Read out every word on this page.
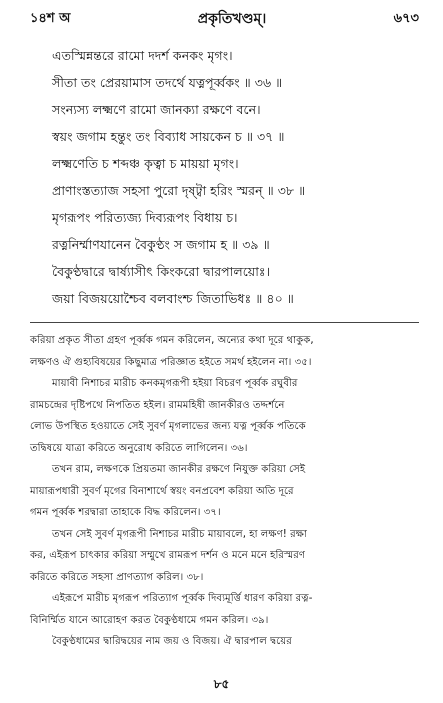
১৪শ অ	প্রকৃতিখণ্ডম্।	৬৭৩
এতস্মিন্নন্তরে রামো দদর্শ কনকং মৃগং।
সীতা তং প্রেরয়ামাস তদর্থে যত্নপূর্ব্বকং ॥ ৩৬ ॥
সংন্যস্য লক্ষ্মণে রামো জানক্যা রক্ষণে বনে।
স্বয়ং জগাম হন্তুং তং বিব্যাধ সায়কেন চ ॥ ৩৭ ॥
লক্ষ্মণেতি চ শব্দঞ্চ কৃত্বা চ মায়য়া মৃগং।
প্রাণাংস্তত্যাজ সহসা পুরো দৃষ্ট্বা হরিং স্মরন্ ॥ ৩৮ ॥
মৃগরূপং পরিত্যজ্য দিব্যরূপং বিধায় চ।
রত্ননির্ম্মাণযানেন বৈকুণ্ঠং স জগাম হ ॥ ৩৯ ॥
বৈকুণ্ঠদ্বারে দ্বার্ষ্যাসীৎ কিংকরো দ্বারপালয়োঃ।
জয়া বিজয়য়োশ্চৈব বলবাংশ্চ জিতাভিধঃ ॥ ৪০ ॥
করিয়া প্রকৃত সীতা গ্রহণ পূর্ব্বক গমন করিলেন, অন্যের কথা দূরে থাকুক,
লক্ষণও ঐ গুহ্যবিষয়ের কিছুমাত্র পরিজ্ঞাত হইতে সমর্থ হইলেন না। ৩৫।
মায়াবী নিশাচর মারীচ কনকমৃগরূপী হইয়া বিচরণ পূর্ব্বক রঘুবীর
রামচন্দ্রের দৃষ্টিপথে নিপতিত হইল। রামমহিষী জানকীরও তদ্দর্শনে
লোভ উপস্থিত হওয়াতে সেই সুবর্ণ মৃগলাভের জন্য যত্ন পূর্ব্বক পতিকে
তদ্বিষয়ে যাত্রা করিতে অনুরোধ করিতে লাগিলেন। ৩৬।
তখন রাম, লক্ষণকে প্রিয়তমা জানকীর রক্ষণে নিযুক্ত করিয়া সেই
মায়ারূপধারী সুবর্ণ মৃগের বিনাশার্থে স্বয়ং বনপ্রবেশ করিয়া অতি দূরে
গমন পূর্ব্বক শরদ্বারা তাহাকে বিদ্ধ করিলেন। ৩৭।
তখন সেই সুবর্ণ মৃগরূপী নিশাচর মারীচ মায়াবলে, হা লক্ষণ! রক্ষা
কর, এইরূপ চাৎকার করিয়া সম্মুখে রামরূপ দর্শন ও মনে মনে হরিস্মরণ
করিতে করিতে সহসা প্রাণত্যাগ করিল। ৩৮।
এইরূপে মারীচ মৃগরূপ পরিত্যাগ পূর্ব্বক দিব্যমূর্ত্তি ধারণ করিয়া রত্ন-
বিনির্ম্মিত যানে আরোহণ করত বৈকুণ্ঠধামে গমন করিল। ৩৯।
বৈকুণ্ঠধামের দ্বারিদ্বয়ের নাম জয় ও বিজয়। ঐ দ্বারপাল দ্বয়ের
৮৫
